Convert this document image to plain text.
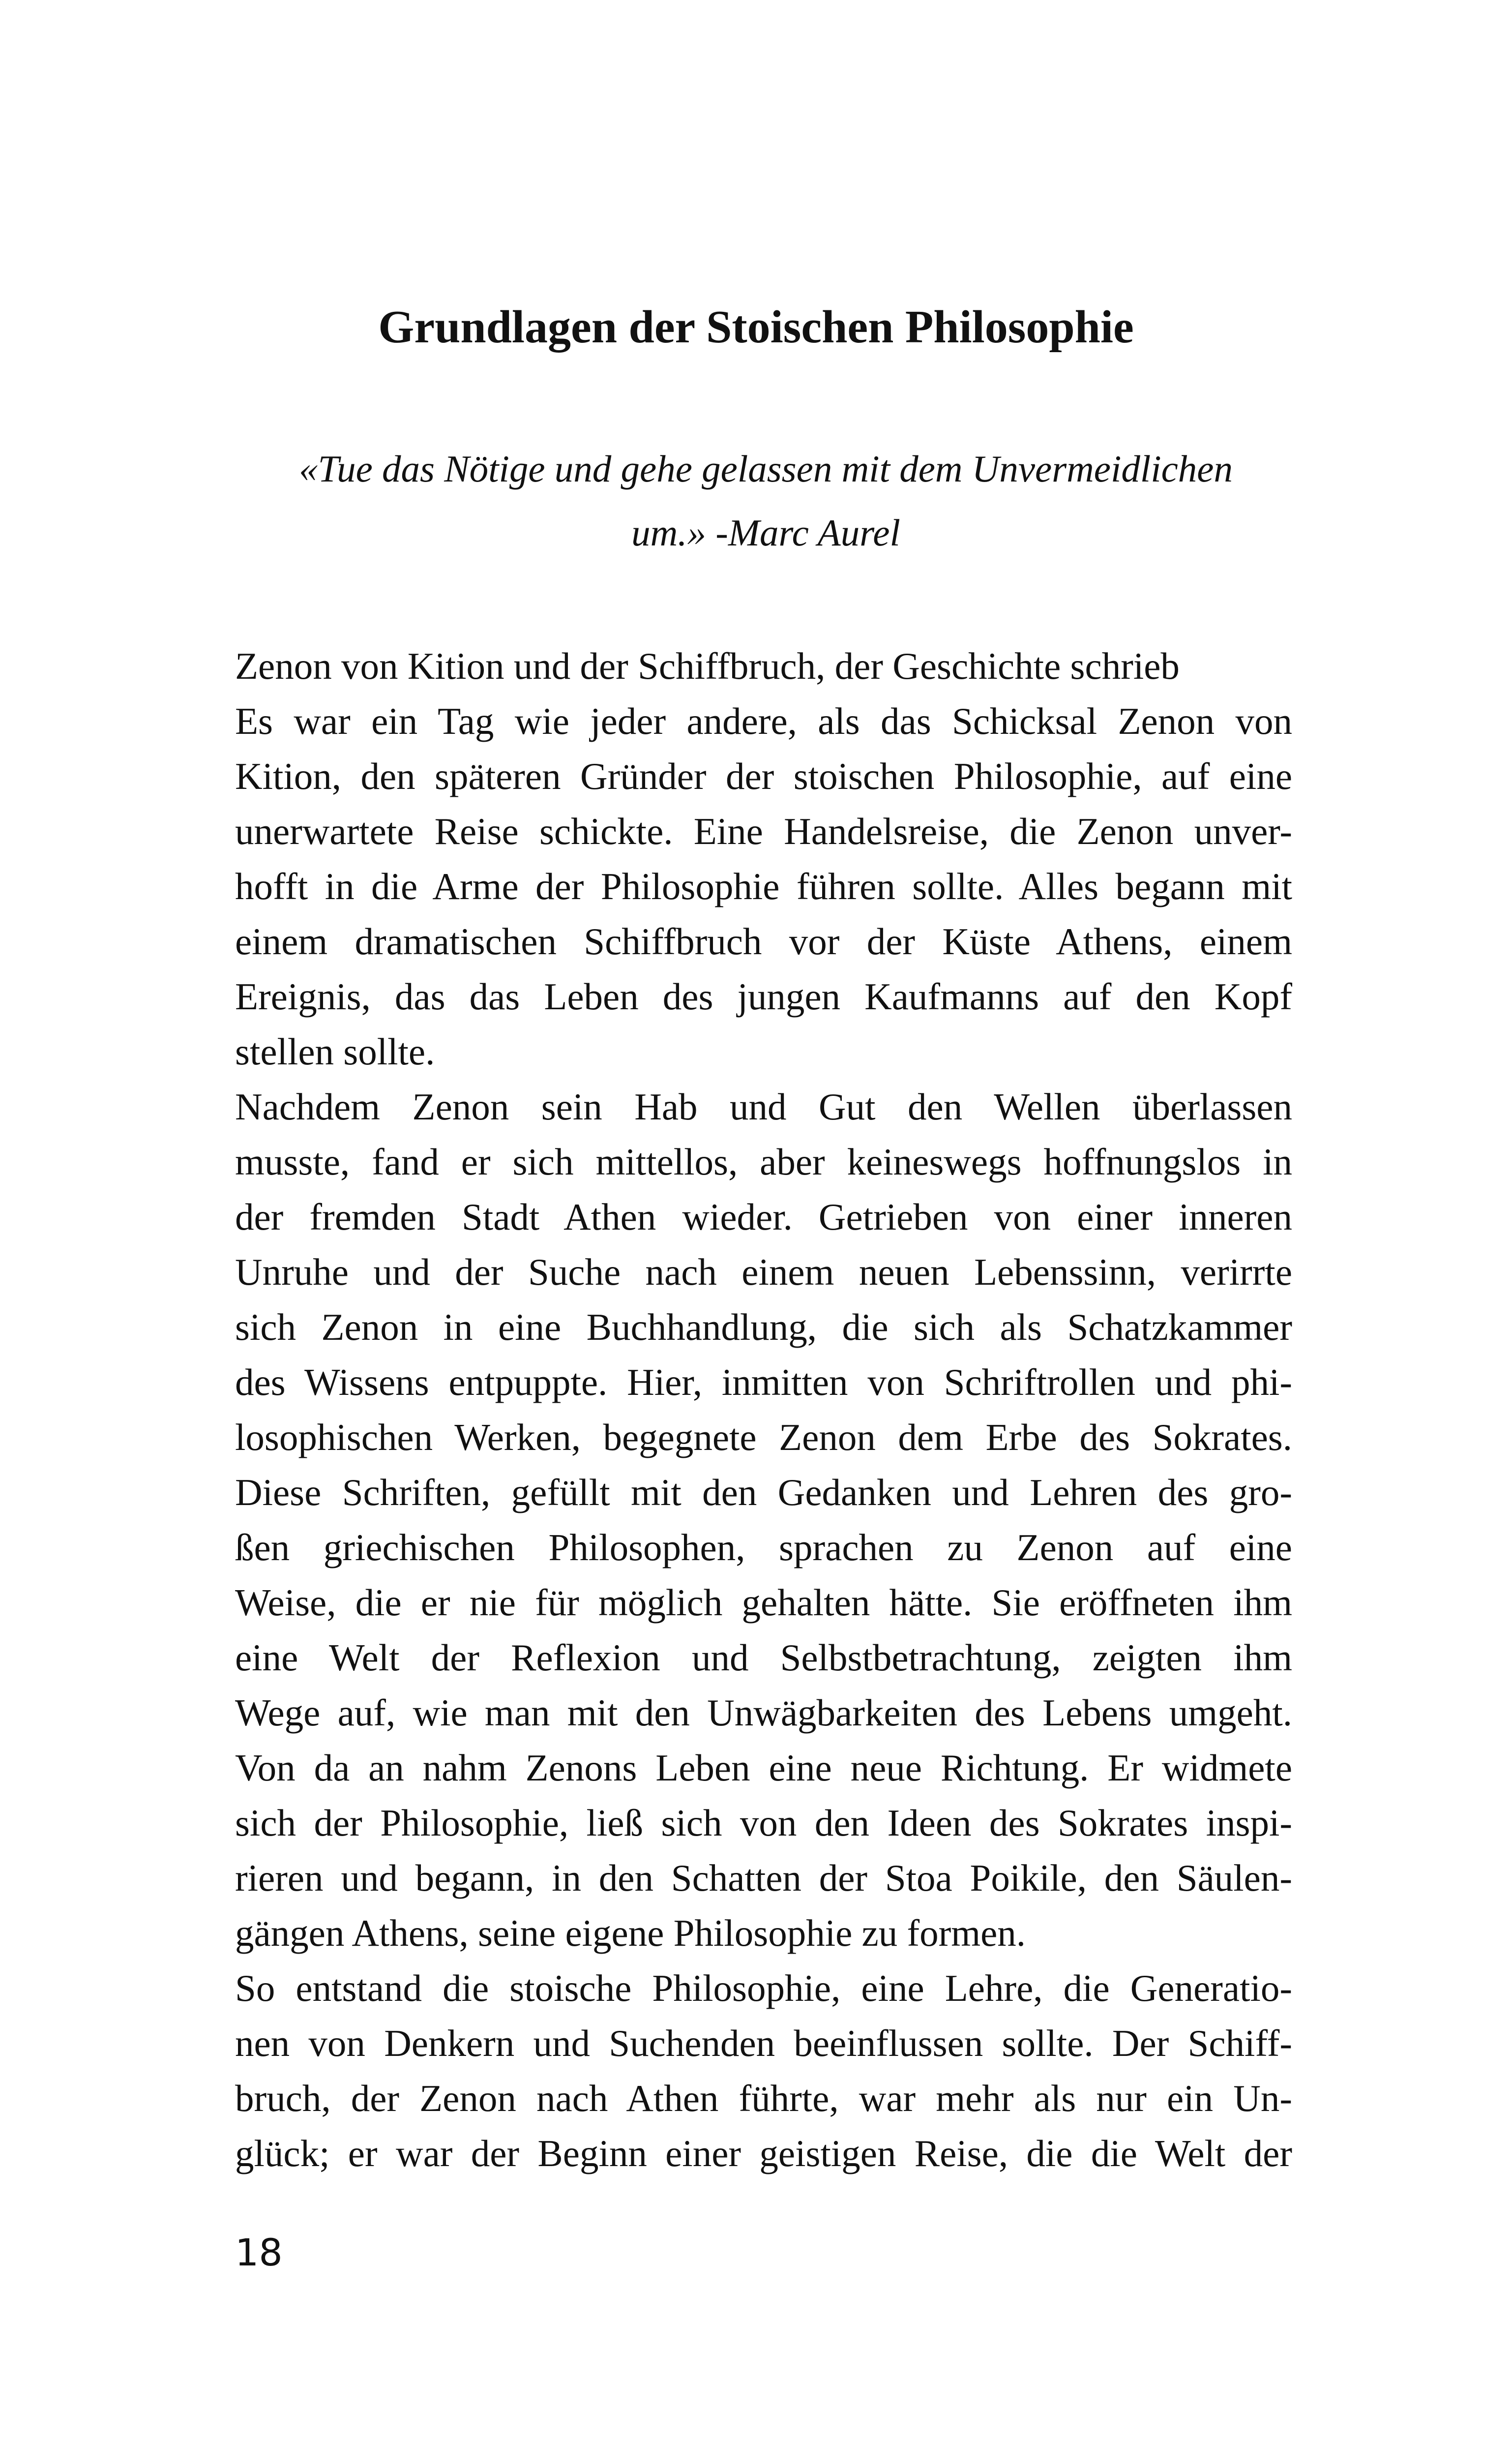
Grundlagen der Stoischen Philosophie

«Tue das Nötige und gehe gelassen mit dem Unvermeidlichen
um.» -Marc Aurel

Zenon von Kition und der Schiffbruch, der Geschichte schrieb
Es war ein Tag wie jeder andere, als das Schicksal Zenon von
Kition, den späteren Gründer der stoischen Philosophie, auf eine
unerwartete Reise schickte. Eine Handelsreise, die Zenon unver-
hofft in die Arme der Philosophie führen sollte. Alles begann mit
einem dramatischen Schiffbruch vor der Küste Athens, einem
Ereignis, das das Leben des jungen Kaufmanns auf den Kopf
stellen sollte.
Nachdem Zenon sein Hab und Gut den Wellen überlassen
musste, fand er sich mittellos, aber keineswegs hoffnungslos in
der fremden Stadt Athen wieder. Getrieben von einer inneren
Unruhe und der Suche nach einem neuen Lebenssinn, verirrte
sich Zenon in eine Buchhandlung, die sich als Schatzkammer
des Wissens entpuppte. Hier, inmitten von Schriftrollen und phi-
losophischen Werken, begegnete Zenon dem Erbe des Sokrates.
Diese Schriften, gefüllt mit den Gedanken und Lehren des gro-
ßen griechischen Philosophen, sprachen zu Zenon auf eine
Weise, die er nie für möglich gehalten hätte. Sie eröffneten ihm
eine Welt der Reflexion und Selbstbetrachtung, zeigten ihm
Wege auf, wie man mit den Unwägbarkeiten des Lebens umgeht.
Von da an nahm Zenons Leben eine neue Richtung. Er widmete
sich der Philosophie, ließ sich von den Ideen des Sokrates inspi-
rieren und begann, in den Schatten der Stoa Poikile, den Säulen-
gängen Athens, seine eigene Philosophie zu formen.
So entstand die stoische Philosophie, eine Lehre, die Generatio-
nen von Denkern und Suchenden beeinflussen sollte. Der Schiff-
bruch, der Zenon nach Athen führte, war mehr als nur ein Un-
glück; er war der Beginn einer geistigen Reise, die die Welt der

18
